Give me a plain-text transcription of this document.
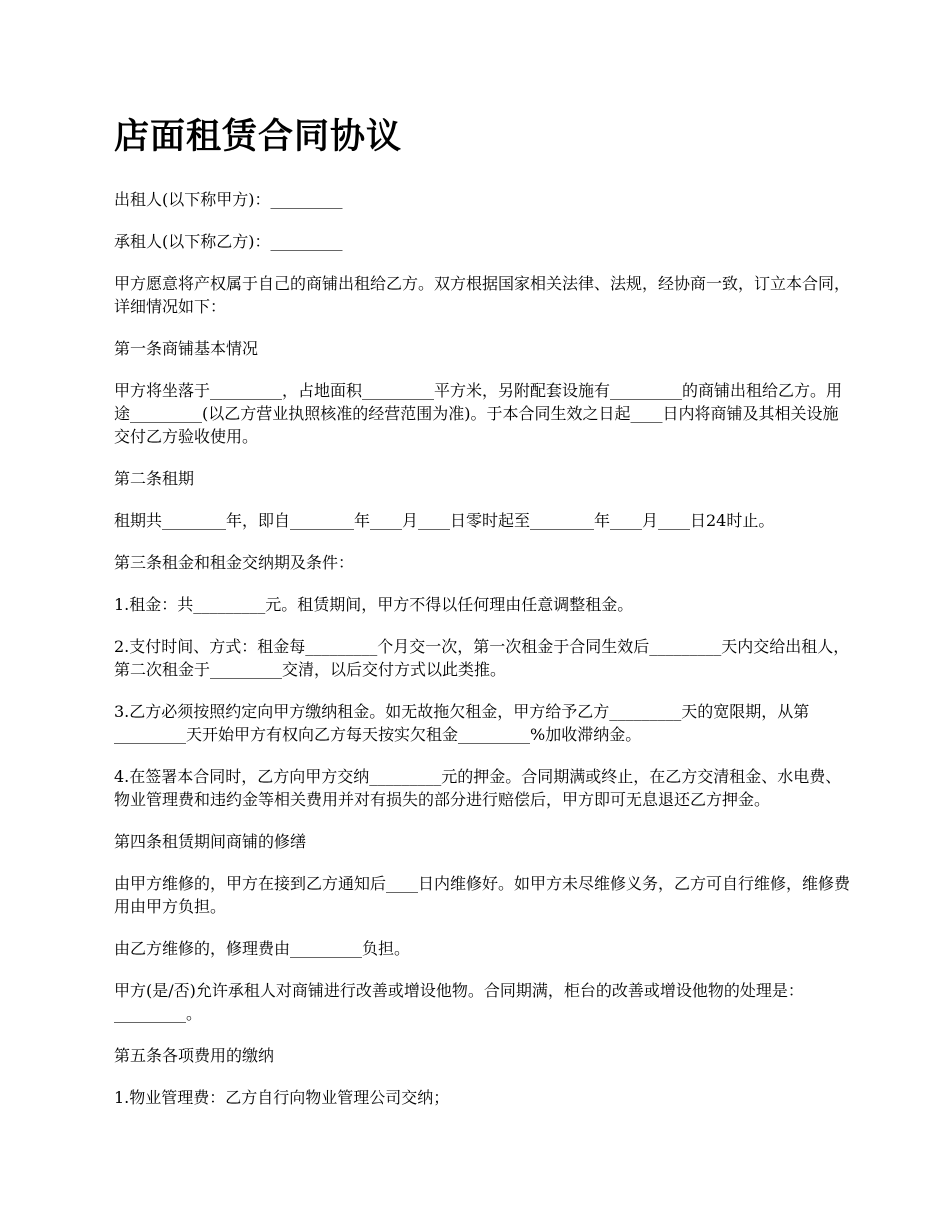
店面租赁合同协议

出租人(以下称甲方)：_________

承租人(以下称乙方)：_________

甲方愿意将产权属于自己的商铺出租给乙方。双方根据国家相关法律、法规，经协商一致，订立本合同，详细情况如下：

第一条商铺基本情况

甲方将坐落于_________，占地面积_________平方米，另附配套设施有_________的商铺出租给乙方。用途_________(以乙方营业执照核准的经营范围为准)。于本合同生效之日起____日内将商铺及其相关设施交付乙方验收使用。

第二条租期

租期共________年，即自________年____月____日零时起至________年____月____日24时止。

第三条租金和租金交纳期及条件：

1.租金：共_________元。租赁期间，甲方不得以任何理由任意调整租金。

2.支付时间、方式：租金每_________个月交一次，第一次租金于合同生效后_________天内交给出租人，第二次租金于_________交清，以后交付方式以此类推。

3.乙方必须按照约定向甲方缴纳租金。如无故拖欠租金，甲方给予乙方_________天的宽限期，从第_________天开始甲方有权向乙方每天按实欠租金_________%加收滞纳金。

4.在签署本合同时，乙方向甲方交纳_________元的押金。合同期满或终止，在乙方交清租金、水电费、物业管理费和违约金等相关费用并对有损失的部分进行赔偿后，甲方即可无息退还乙方押金。

第四条租赁期间商铺的修缮

由甲方维修的，甲方在接到乙方通知后____日内维修好。如甲方未尽维修义务，乙方可自行维修，维修费用由甲方负担。

由乙方维修的，修理费由_________负担。

甲方(是/否)允许承租人对商铺进行改善或增设他物。合同期满，柜台的改善或增设他物的处理是：_________。

第五条各项费用的缴纳

1.物业管理费：乙方自行向物业管理公司交纳；
